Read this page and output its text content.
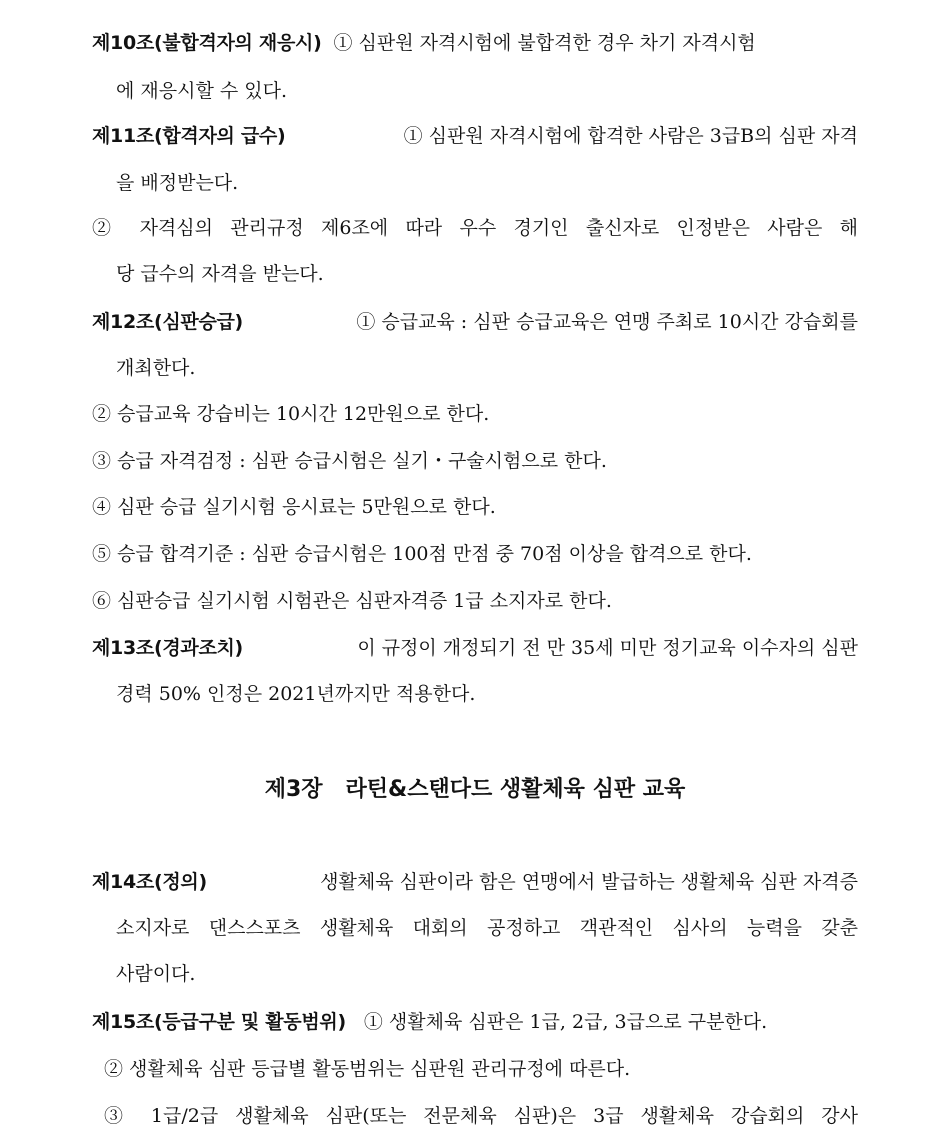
제10조(불합격자의 재응시) ① 심판원 자격시험에 불합격한 경우 차기 자격시험
에 재응시할 수 있다.
제11조(합격자의 급수)	① 심판원 자격시험에 합격한 사람은 3급B의 심판 자격
을 배정받는다.
② 자격심의 관리규정 제6조에 따라 우수 경기인 출신자로 인정받은 사람은 해
당 급수의 자격을 받는다.
제12조(심판승급)	① 승급교육 : 심판 승급교육은 연맹 주최로 10시간 강습회를
개최한다.
② 승급교육 강습비는 10시간 12만원으로 한다.
③ 승급 자격검정 : 심판 승급시험은 실기・구술시험으로 한다.
④ 심판 승급 실기시험 응시료는 5만원으로 한다.
⑤ 승급 합격기준 : 심판 승급시험은 100점 만점 중 70점 이상을 합격으로 한다.
⑥ 심판승급 실기시험 시험관은 심판자격증 1급 소지자로 한다.
제13조(경과조치)	이 규정이 개정되기 전 만 35세 미만 정기교육 이수자의 심판
경력 50% 인정은 2021년까지만 적용한다.
제3장   라틴&스탠다드 생활체육 심판 교육
제14조(정의)	생활체육 심판이라 함은 연맹에서 발급하는 생활체육 심판 자격증
소지자로 댄스스포츠 생활체육 대회의 공정하고 객관적인 심사의 능력을 갖춘
사람이다.
제15조(등급구분 및 활동범위) ① 생활체육 심판은 1급, 2급, 3급으로 구분한다.
② 생활체육 심판 등급별 활동범위는 심판원 관리규정에 따른다.
③ 1급/2급 생활체육 심판(또는 전문체육 심판)은 3급 생활체육 강습회의 강사
